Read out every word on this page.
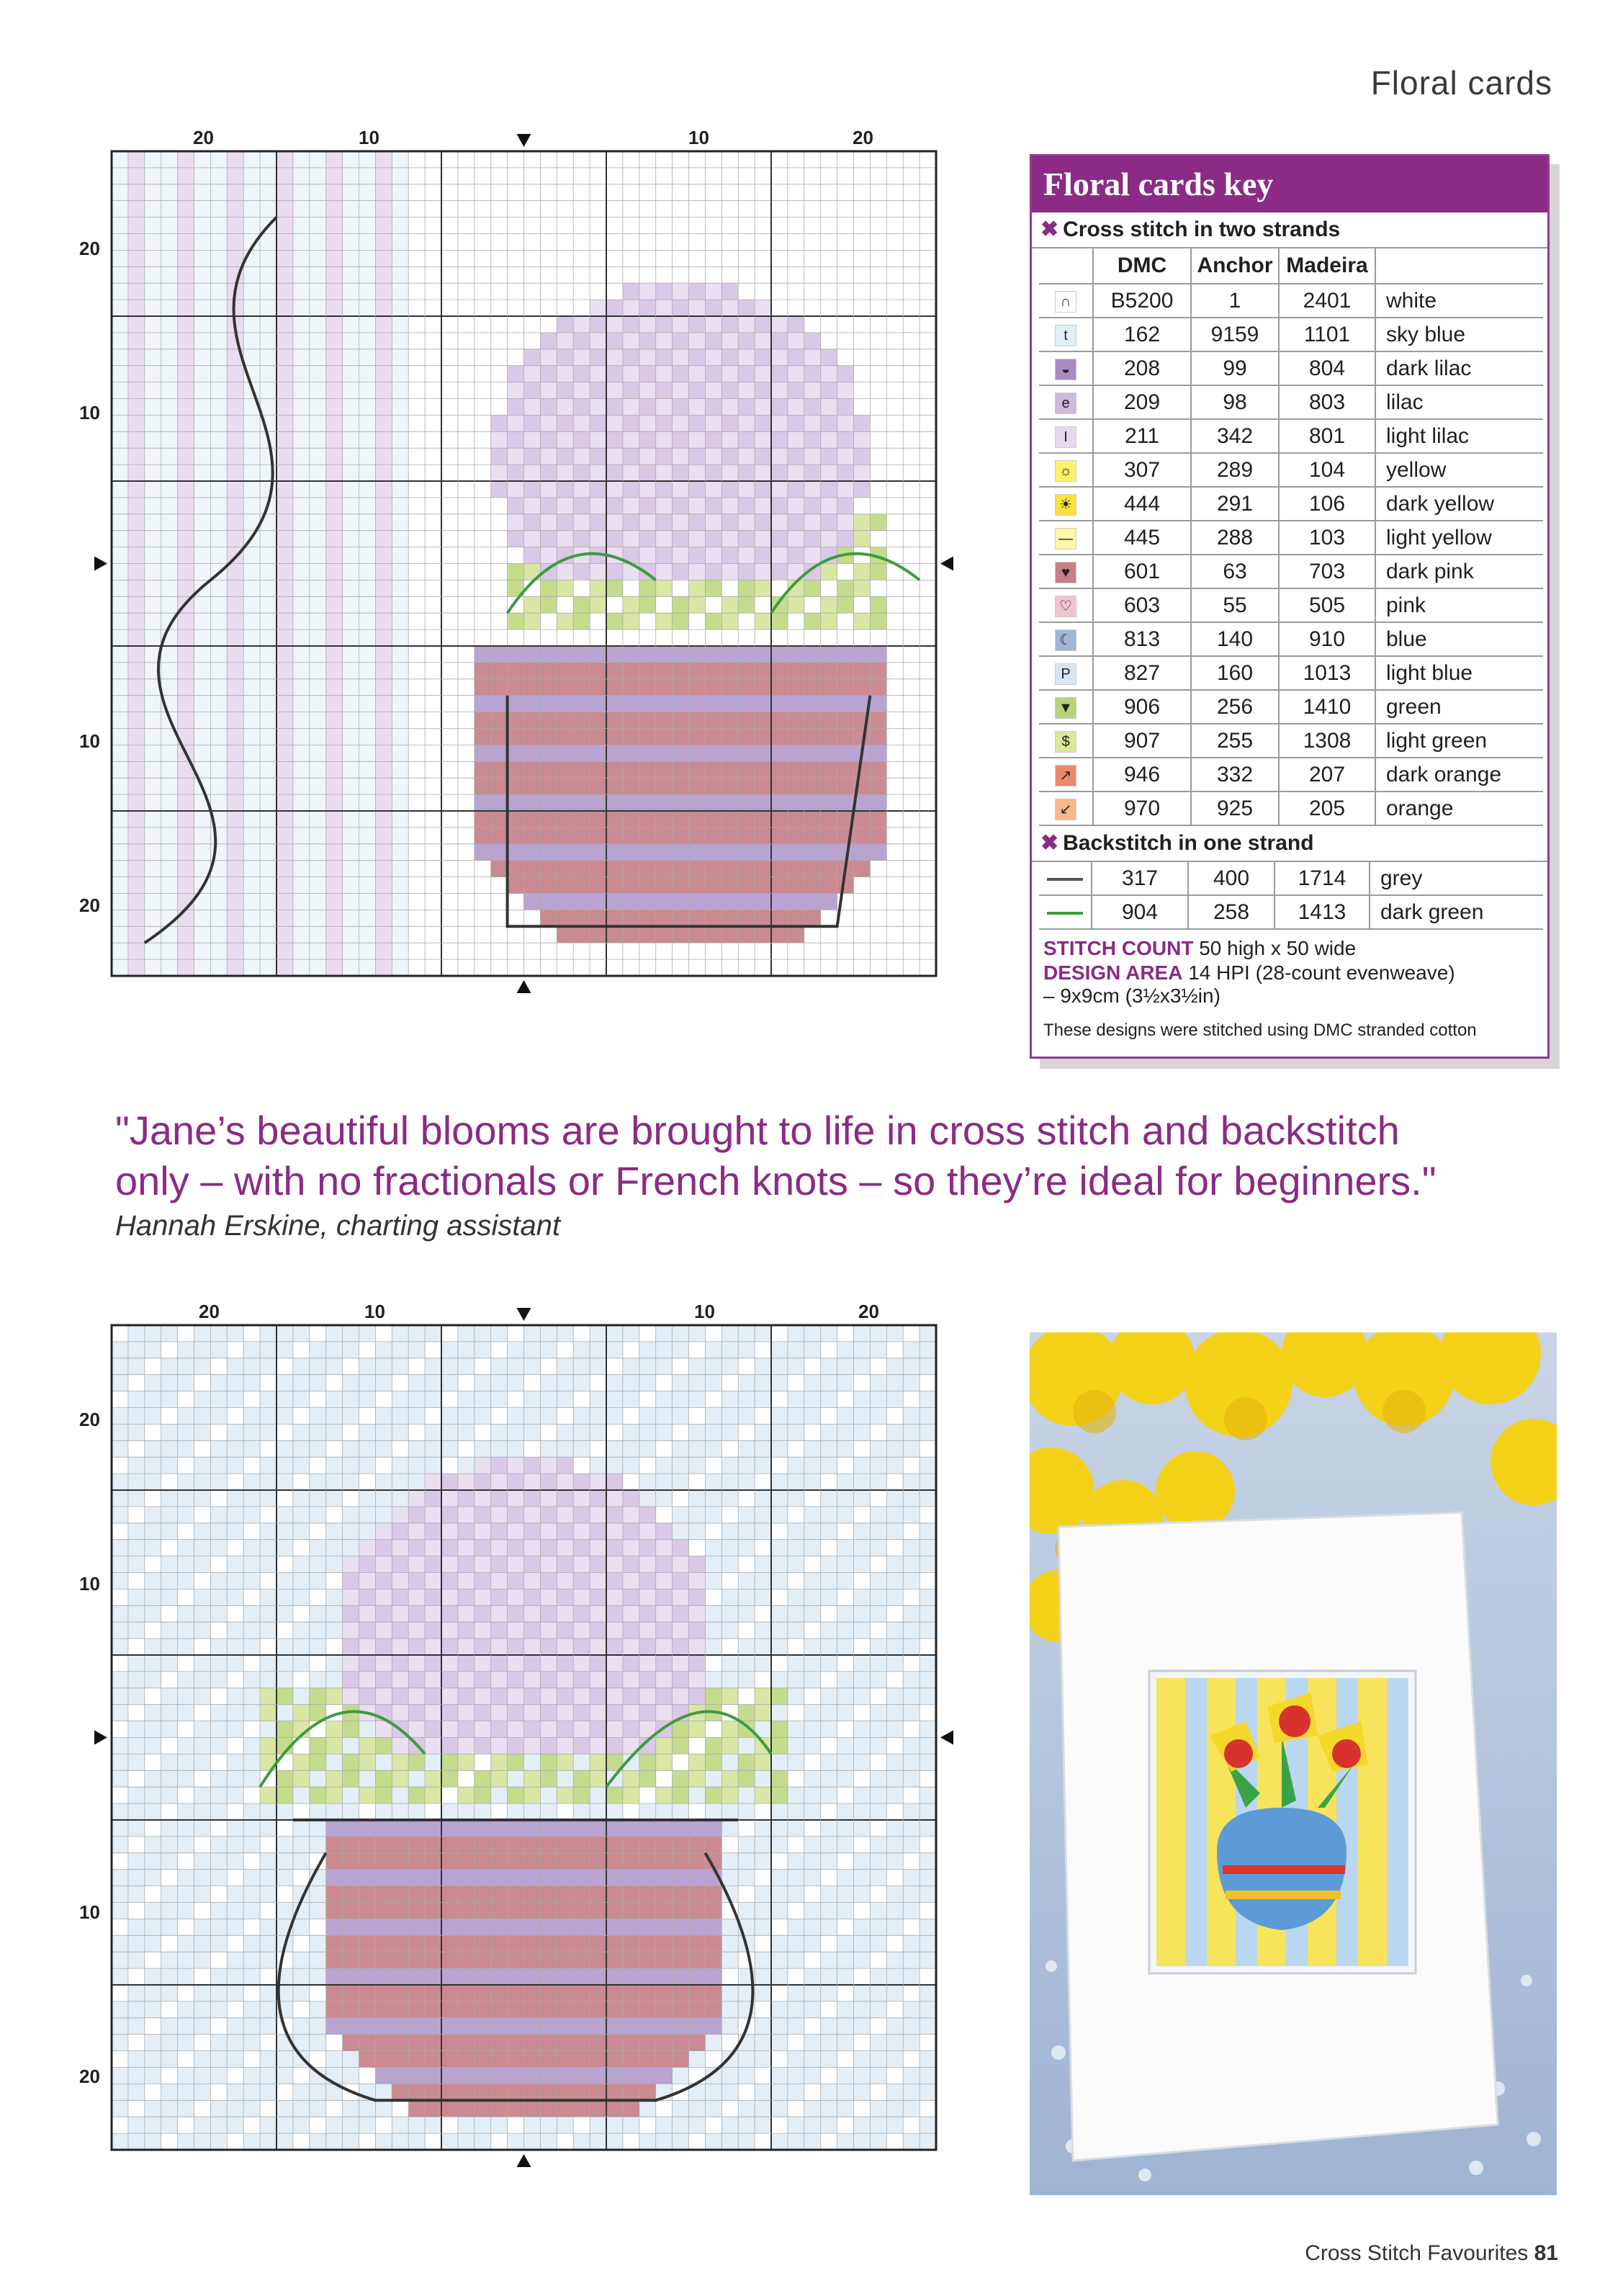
Floral cards
20	10	10	20
20
10
10
20
Floral cards key
✖ Cross stitch in two strands
	DMC	Anchor	Madeira	
∩	B5200	1	2401	white
t	162	9159	1101	sky blue
◒	208	99	804	dark lilac
e	209	98	803	lilac
I	211	342	801	light lilac
☼	307	289	104	yellow
☀	444	291	106	dark yellow
—	445	288	103	light yellow
♥	601	63	703	dark pink
♡	603	55	505	pink
☾	813	140	910	blue
P	827	160	1013	light blue
▼	906	256	1410	green
$	907	255	1308	light green
↗	946	332	207	dark orange
↙	970	925	205	orange
✖ Backstitch in one strand
	317	400	1714	grey
	904	258	1413	dark green
STITCH COUNT 50 high x 50 wide
DESIGN AREA 14 HPI (28-count evenweave)
– 9x9cm (3½x3½in)
These designs were stitched using DMC stranded cotton
"Jane’s beautiful blooms are brought to life in cross stitch and backstitch only – with no fractionals or French knots – so they’re ideal for beginners."
Hannah Erskine, charting assistant
20	10	10	20
20
10
10
20
Cross Stitch Favourites 81
